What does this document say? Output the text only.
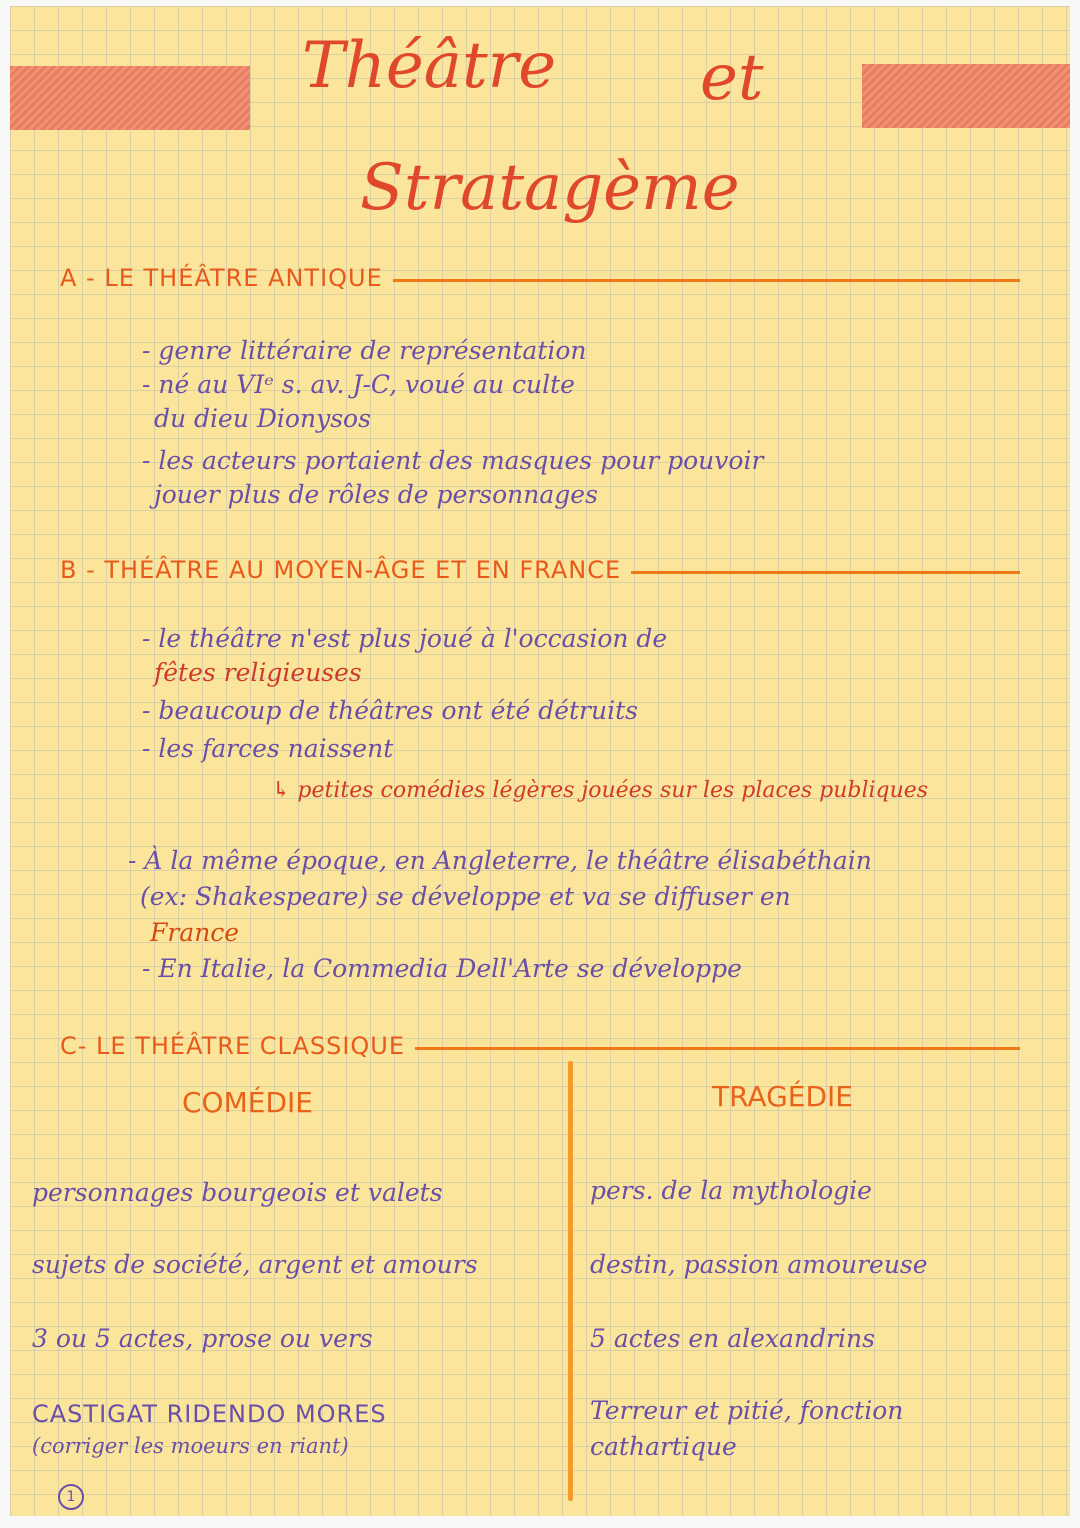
Théâtre et
Stratagème
A - LE THÉÂTRE ANTIQUE
- genre littéraire de représentation
- né au VIᵉ s. av. J-C, voué au culte
du dieu Dionysos
- les acteurs portaient des masques pour pouvoir
jouer plus de rôles de personnages
B - THÉÂTRE AU MOYEN-ÂGE ET EN FRANCE
- le théâtre n'est plus joué à l'occasion de
fêtes religieuses
- beaucoup de théâtres ont été détruits
- les farces naissent
↳ petites comédies légères jouées sur les places publiques
- À la même époque, en Angleterre, le théâtre élisabéthain
(ex: Shakespeare) se développe et va se diffuser en
France
- En Italie, la Commedia Dell'Arte se développe
C- LE THÉÂTRE CLASSIQUE
COMÉDIE	TRAGÉDIE
personnages bourgeois et valets
sujets de société, argent et amours
3 ou 5 actes, prose ou vers
CASTIGAT RIDENDO MORES
(corriger les moeurs en riant)
pers. de la mythologie
destin, passion amoureuse
5 actes en alexandrins
Terreur et pitié, fonction
cathartique
1
